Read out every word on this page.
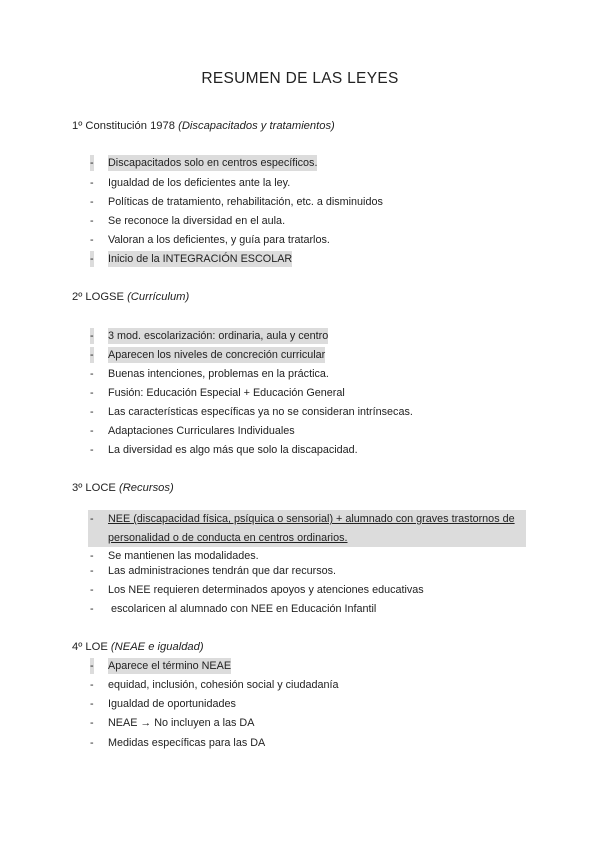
RESUMEN DE LAS LEYES
1º Constitución 1978 (Discapacitados y tratamientos)
- Discapacitados solo en centros específicos.
- Igualdad de los deficientes ante la ley.
- Políticas de tratamiento, rehabilitación, etc. a disminuidos
- Se reconoce la diversidad en el aula.
- Valoran a los deficientes, y guía para tratarlos.
- Inicio de la INTEGRACIÓN ESCOLAR
2º LOGSE (Currículum)
- 3 mod. escolarización: ordinaria, aula y centro
- Aparecen los niveles de concreción curricular
- Buenas intenciones, problemas en la práctica.
- Fusión: Educación Especial + Educación General
- Las características específicas ya no se consideran intrínsecas.
- Adaptaciones Curriculares Individuales
- La diversidad es algo más que solo la discapacidad.
3º LOCE (Recursos)
- NEE (discapacidad física, psíquica o sensorial) + alumnado con graves trastornos de
personalidad o de conducta en centros ordinarios.
- Se mantienen las modalidades.
- Las administraciones tendrán que dar recursos.
- Los NEE requieren determinados apoyos y atenciones educativas
- escolaricen al alumnado con NEE en Educación Infantil
4º LOE (NEAE e igualdad)
- Aparece el término NEAE
- equidad, inclusión, cohesión social y ciudadanía
- Igualdad de oportunidades
- NEAE → No incluyen a las DA
- Medidas específicas para las DA
